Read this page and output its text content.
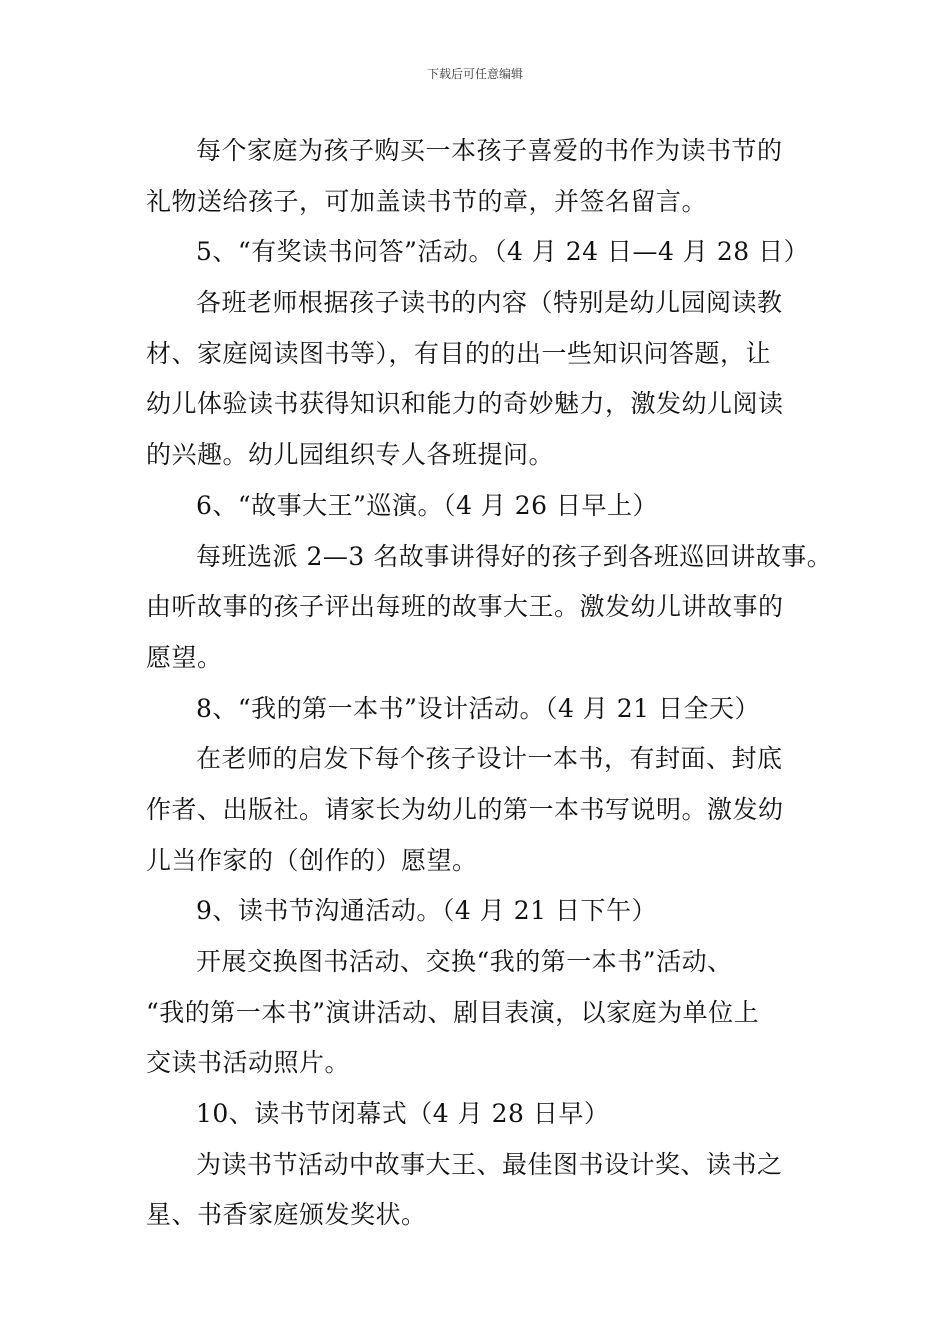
下载后可任意编辑
每个家庭为孩子购买一本孩子喜爱的书作为读书节的
礼物送给孩子，可加盖读书节的章，并签名留言。
5、“有奖读书问答”活动。（4 月 24 日—4 月 28 日）
各班老师根据孩子读书的内容（特别是幼儿园阅读教
材、家庭阅读图书等），有目的的出一些知识问答题，让
幼儿体验读书获得知识和能力的奇妙魅力，激发幼儿阅读
的兴趣。幼儿园组织专人各班提问。
6、“故事大王”巡演。（4 月 26 日早上）
每班选派 2—3 名故事讲得好的孩子到各班巡回讲故事。
由听故事的孩子评出每班的故事大王。激发幼儿讲故事的
愿望。
8、“我的第一本书”设计活动。（4 月 21 日全天）
在老师的启发下每个孩子设计一本书，有封面、封底
作者、出版社。请家长为幼儿的第一本书写说明。激发幼
儿当作家的（创作的）愿望。
9、读书节沟通活动。（4 月 21 日下午）
开展交换图书活动、交换“我的第一本书”活动、
“我的第一本书”演讲活动、剧目表演，以家庭为单位上
交读书活动照片。
10、读书节闭幕式（4 月 28 日早）
为读书节活动中故事大王、最佳图书设计奖、读书之
星、书香家庭颁发奖状。
